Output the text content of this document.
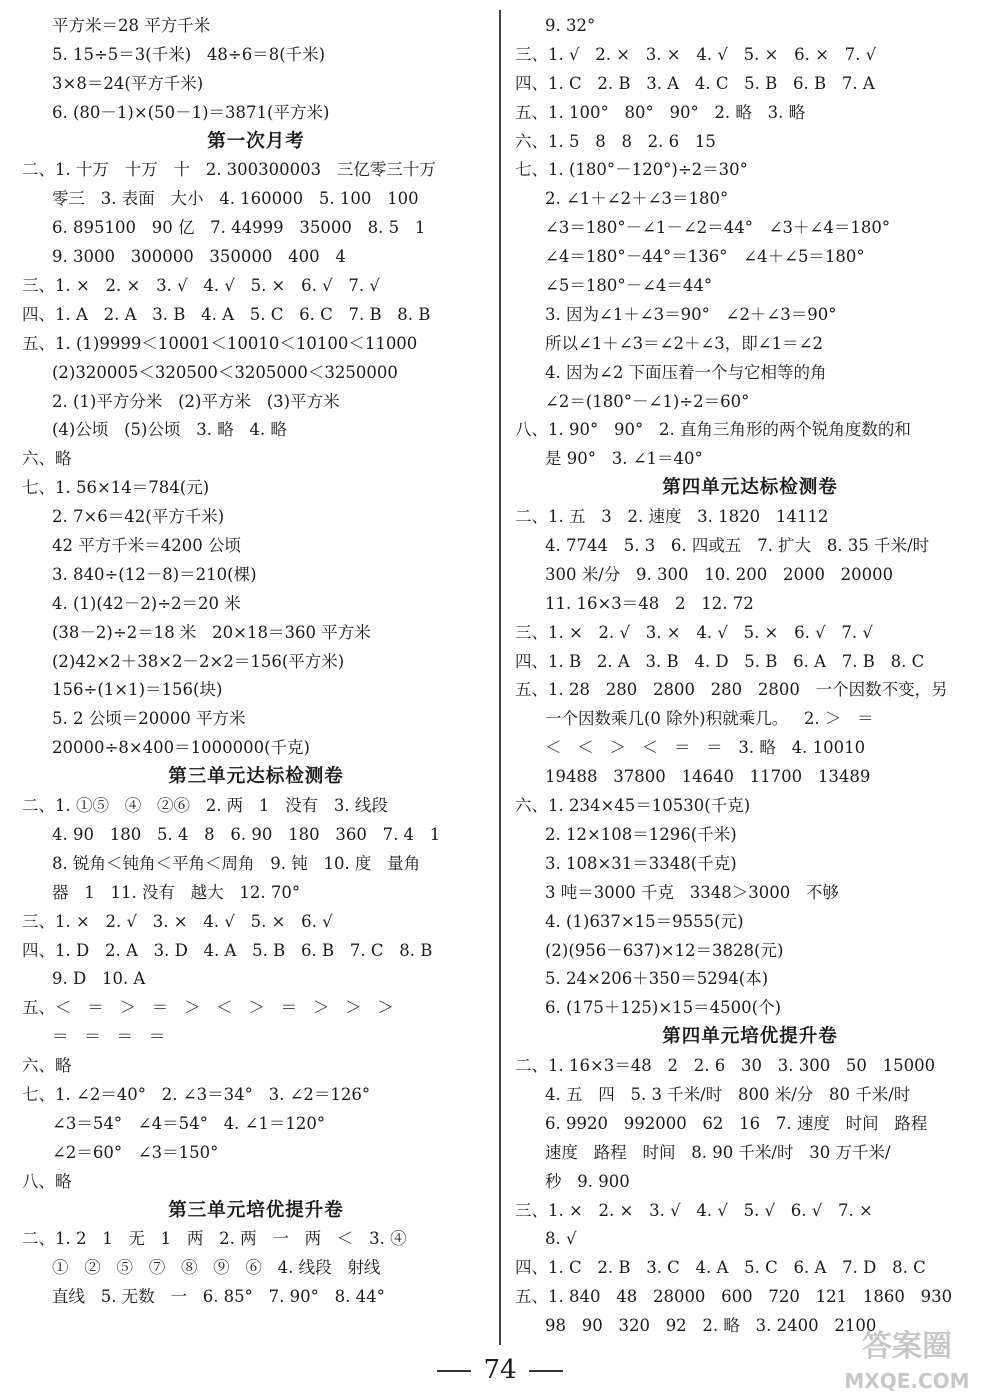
平方米＝28 平方千米
5. 15÷5＝3(千米)   48÷6＝8(千米)
3×8＝24(平方千米)
6. (80－1)×(50－1)＝3871(平方米)
第一次月考
二、1. 十万   十万   十   2. 300300003   三亿零三十万
零三   3. 表面   大小   4. 160000   5. 100   100
6. 895100   90 亿   7. 44999   35000   8. 5   1
9. 3000   300000   350000   400   4
三、1. ×   2. ×   3. √   4. √   5. ×   6. √   7. √
四、1. A   2. A   3. B   4. A   5. C   6. C   7. B   8. B
五、1. (1)9999＜10001＜10010＜10100＜11000
(2)320005＜320500＜3205000＜3250000
2. (1)平方分米   (2)平方米   (3)平方米
(4)公顷   (5)公顷   3. 略   4. 略
六、略
七、1. 56×14＝784(元)
2. 7×6＝42(平方千米)
42 平方千米＝4200 公顷
3. 840÷(12－8)＝210(棵)
4. (1)(42－2)÷2＝20 米
(38－2)÷2＝18 米   20×18＝360 平方米
(2)42×2＋38×2－2×2＝156(平方米)
156÷(1×1)＝156(块)
5. 2 公顷＝20000 平方米
20000÷8×400＝1000000(千克)
第三单元达标检测卷
二、1. ①⑤   ④   ②⑥   2. 两   1   没有   3. 线段
4. 90   180   5. 4   8   6. 90   180   360   7. 4   1
8. 锐角＜钝角＜平角＜周角   9. 钝   10. 度   量角
器   1   11. 没有   越大   12. 70°
三、1. ×   2. √   3. ×   4. √   5. ×   6. √
四、1. D   2. A   3. D   4. A   5. B   6. B   7. C   8. B
9. D   10. A
五、＜   ＝   ＞   ＝   ＞   ＜   ＞   ＝   ＞   ＞   ＞
＝   ＝   ＝   ＝
六、略
七、1. ∠2＝40°   2. ∠3＝34°   3. ∠2＝126°
∠3＝54°   ∠4＝54°   4. ∠1＝120°
∠2＝60°   ∠3＝150°
八、略
第三单元培优提升卷
二、1. 2   1   无   1   两   2. 两   一   两   ＜   3. ④
①   ②   ⑤   ⑦   ⑧   ⑨   ⑥   4. 线段   射线
直线   5. 无数   一   6. 85°   7. 90°   8. 44°
9. 32°
三、1. √   2. ×   3. ×   4. √   5. ×   6. ×   7. √
四、1. C   2. B   3. A   4. C   5. B   6. B   7. A
五、1. 100°   80°   90°   2. 略   3. 略
六、1. 5   8   8   2. 6   15
七、1. (180°－120°)÷2＝30°
2. ∠1＋∠2＋∠3＝180°
∠3＝180°－∠1－∠2＝44°   ∠3＋∠4＝180°
∠4＝180°－44°＝136°   ∠4＋∠5＝180°
∠5＝180°－∠4＝44°
3. 因为∠1＋∠3＝90°   ∠2＋∠3＝90°
所以∠1＋∠3＝∠2＋∠3，即∠1＝∠2
4. 因为∠2 下面压着一个与它相等的角
∠2＝(180°－∠1)÷2＝60°
八、1. 90°   90°   2. 直角三角形的两个锐角度数的和
是 90°   3. ∠1＝40°
第四单元达标检测卷
二、1. 五   3   2. 速度   3. 1820   14112
4. 7744   5. 3   6. 四或五   7. 扩大   8. 35 千米/时
300 米/分   9. 300   10. 200   2000   20000
11. 16×3＝48   2   12. 72
三、1. ×   2. √   3. ×   4. √   5. ×   6. √   7. √
四、1. B   2. A   3. B   4. D   5. B   6. A   7. B   8. C
五、1. 28   280   2800   280   2800   一个因数不变，另
一个因数乘几(0 除外)积就乘几。   2. ＞   ＝
＜   ＜   ＞   ＜   ＝   ＝   3. 略   4. 10010
19488   37800   14640   11700   13489
六、1. 234×45＝10530(千克)
2. 12×108＝1296(千米)
3. 108×31＝3348(千克)
3 吨＝3000 千克   3348＞3000   不够
4. (1)637×15＝9555(元)
(2)(956－637)×12＝3828(元)
5. 24×206＋350＝5294(本)
6. (175＋125)×15＝4500(个)
第四单元培优提升卷
二、1. 16×3＝48   2   2. 6   30   3. 300   50   15000
4. 五   四   5. 3 千米/时   800 米/分   80 千米/时
6. 9920   992000   62   16   7. 速度   时间   路程
速度   路程   时间   8. 90 千米/时   30 万千米/
秒   9. 900
三、1. ×   2. ×   3. √   4. √   5. √   6. √   7. ×
8. √
四、1. C   2. B   3. C   4. A   5. C   6. A   7. D   8. C
五、1. 840   48   28000   600   720   121   1860   930
98   90   320   92   2. 略   3. 2400   2100
74
答案圈
MXQE.COM
